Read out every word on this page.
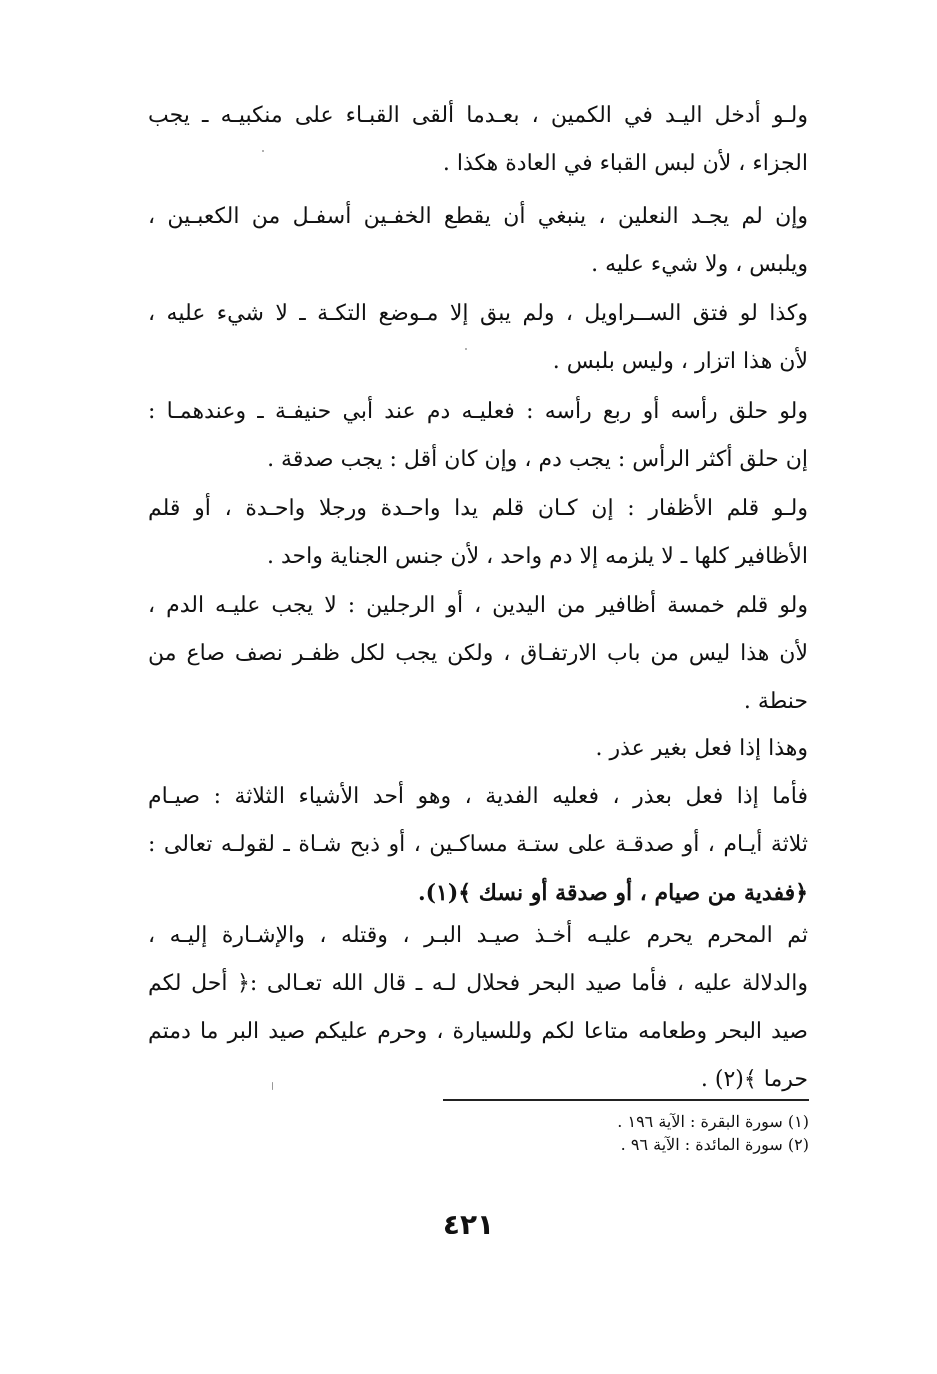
ولـو أدخل اليـد في الكمين ، بعـدما ألقى القبـاء على منكبيـه ـ يجب
الجزاء ، لأن لبس القباء في العادة هكذا .
وإن لم يجـد النعلين ، ينبغي أن يقطع الخفـين أسفـل من الكعبـين ،
ويلبس ، ولا شيء عليه .
وكذا لو فتق الســراويل ، ولم يبق إلا مـوضع التكـة ـ لا شيء عليه ،
لأن هذا اتزار ، وليس بلبس .
ولو حلق رأسه أو ربع رأسه : فعليـه دم عند أبي حنيفـة ـ وعندهمـا :
إن حلق أكثر الرأس : يجب دم ، وإن كان أقل : يجب صدقة .
ولـو قلم الأظفار : إن كـان قلم يدا واحـدة ورجلا واحـدة ، أو قلم
الأظافير كلها ـ لا يلزمه إلا دم واحد ، لأن جنس الجناية واحد .
ولو قلم خمسة أظافير من اليدين ، أو الرجلين : لا يجب عليـه الدم ،
لأن هذا ليس من باب الارتفـاق ، ولكن يجب لكل ظفـر نصف صاع من
حنطة .
وهذا إذا فعل بغير عذر .
فأما إذا فعل بعذر ، فعليه الفدية ، وهو أحد الأشياء الثلاثة : صيـام
ثلاثة أيـام ، أو صدقـة على ستـة مساكـين ، أو ذبح شـاة ـ لقولـه تعالى :
﴿ففدية من صيام ، أو صدقة أو نسك ﴾(١).
ثم المحرم يحرم عليـه أخـذ صيـد البـر ، وقتله ، والإشـارة إليـه ،
والدلالة عليه ، فأما صيد البحر فحلال لـه ـ قال الله تعـالى :﴿ أحل لكم
صيد البحر وطعامه متاعا لكم وللسيارة ، وحرم عليكم صيد البر ما دمتم
حرما ﴾(٢) .
(١) سورة البقرة : الآية ١٩٦ .
(٢) سورة المائدة : الآية ٩٦ .
٤٢١
